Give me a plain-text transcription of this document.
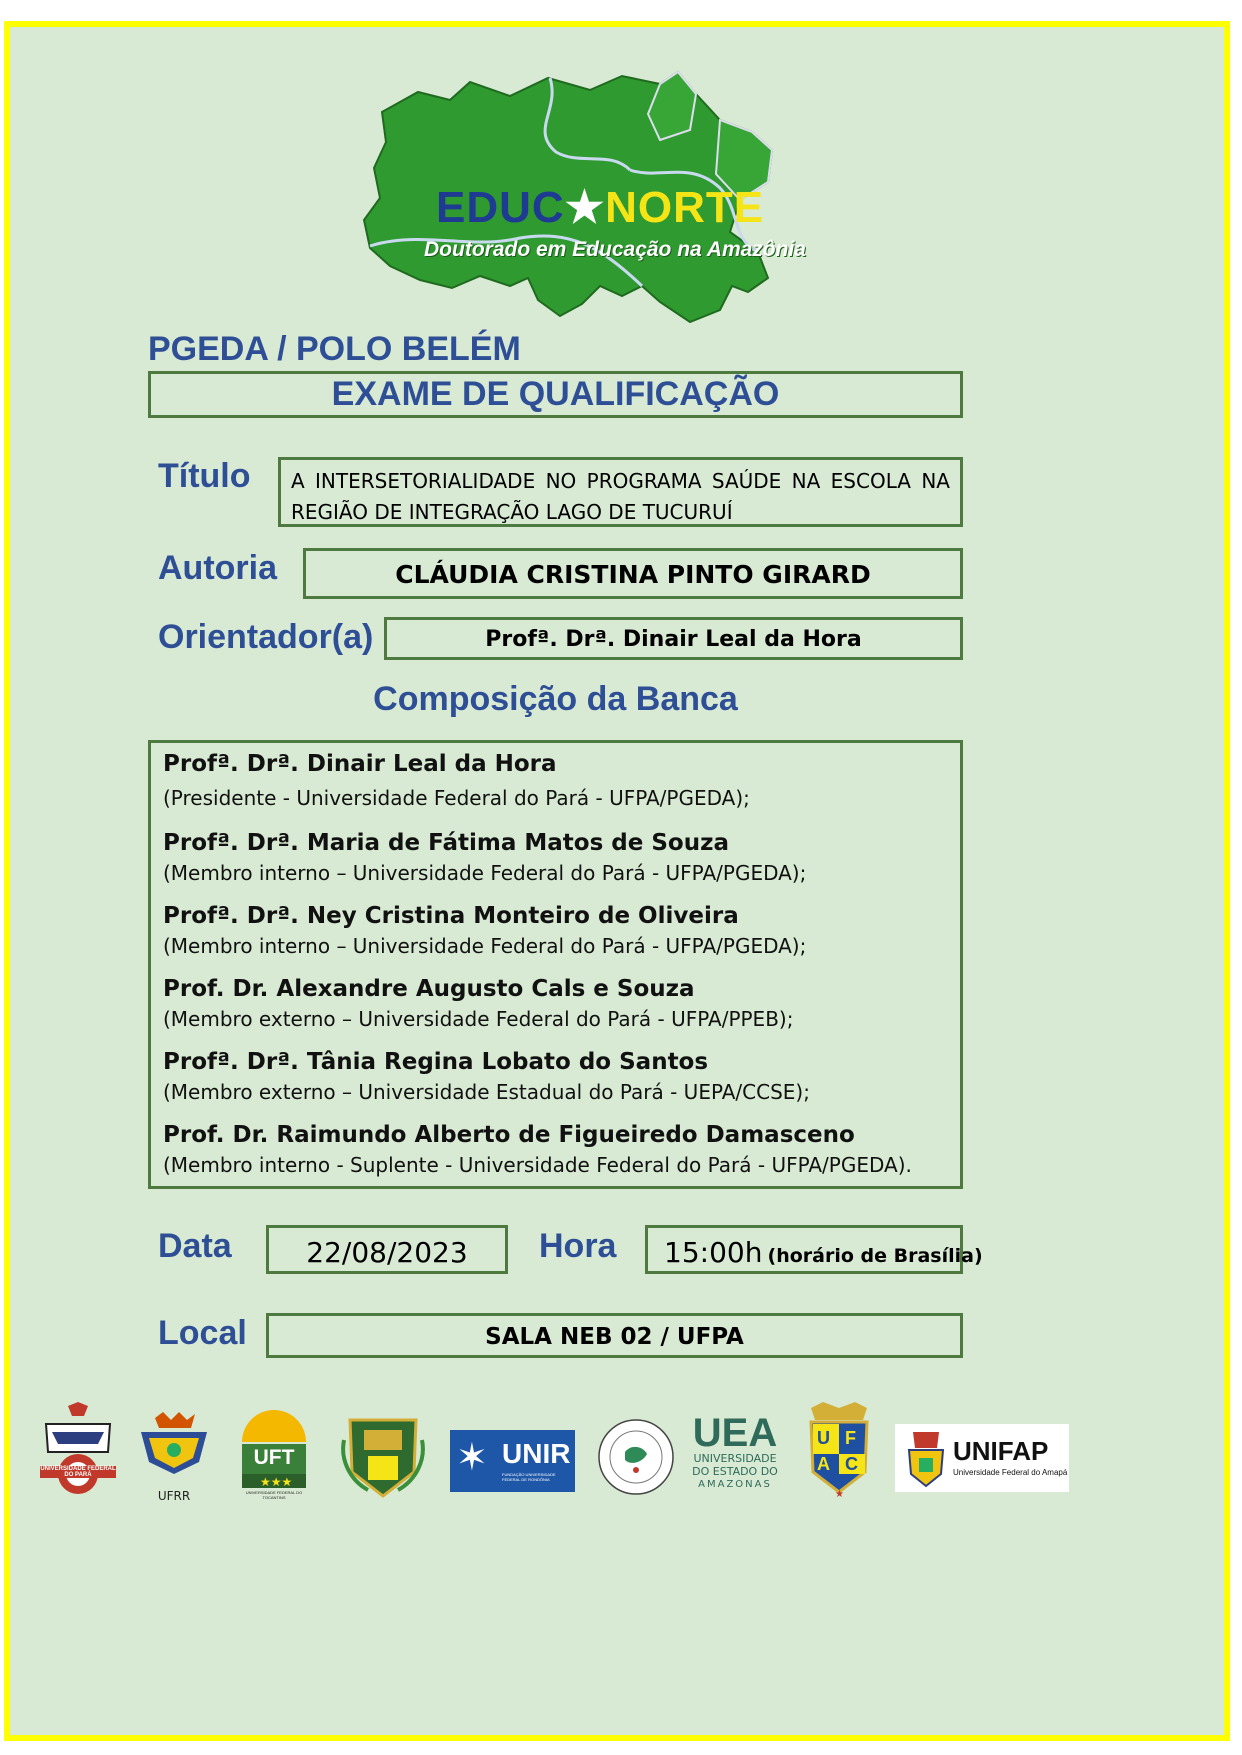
EDUC★NORTE
Doutorado em Educação na Amazônia
PGEDA / POLO BELÉM
EXAME DE QUALIFICAÇÃO
Título	A INTERSETORIALIDADE NO PROGRAMA SAÚDE NA ESCOLA NA REGIÃO DE INTEGRAÇÃO LAGO DE TUCURUÍ
Autoria	CLÁUDIA CRISTINA PINTO GIRARD
Orientador(a)	Profª. Drª. Dinair Leal da Hora
Composição da Banca
Profª. Drª. Dinair Leal da Hora
(Presidente - Universidade Federal do Pará - UFPA/PGEDA);
Profª. Drª. Maria de Fátima Matos de Souza
(Membro interno – Universidade Federal do Pará - UFPA/PGEDA);
Profª. Drª. Ney Cristina Monteiro de Oliveira
(Membro interno – Universidade Federal do Pará - UFPA/PGEDA);
Prof. Dr. Alexandre Augusto Cals e Souza
(Membro externo – Universidade Federal do Pará - UFPA/PPEB);
Profª. Drª. Tânia Regina Lobato do Santos
(Membro externo – Universidade Estadual do Pará - UEPA/CCSE);
Prof. Dr. Raimundo Alberto de Figueiredo Damasceno
(Membro interno - Suplente - Universidade Federal do Pará - UFPA/PGEDA).
Data	22/08/2023	Hora	15:00h (horário de Brasília)
Local	SALA NEB 02 / UFPA
UNIVERSIDADE FEDERAL DO PARÁ
UFRR
★★★
UFT
UNIVERSIDADE FEDERAL DO TOCANTINS
✶ UNIR
FUNDAÇÃO UNIVERSIDADE FEDERAL DE RONDÔNIA
UEA
UNIVERSIDADE
DO ESTADO DO
AMAZONAS
★
U F
A C	UNIFAP
Universidade Federal do Amapá
